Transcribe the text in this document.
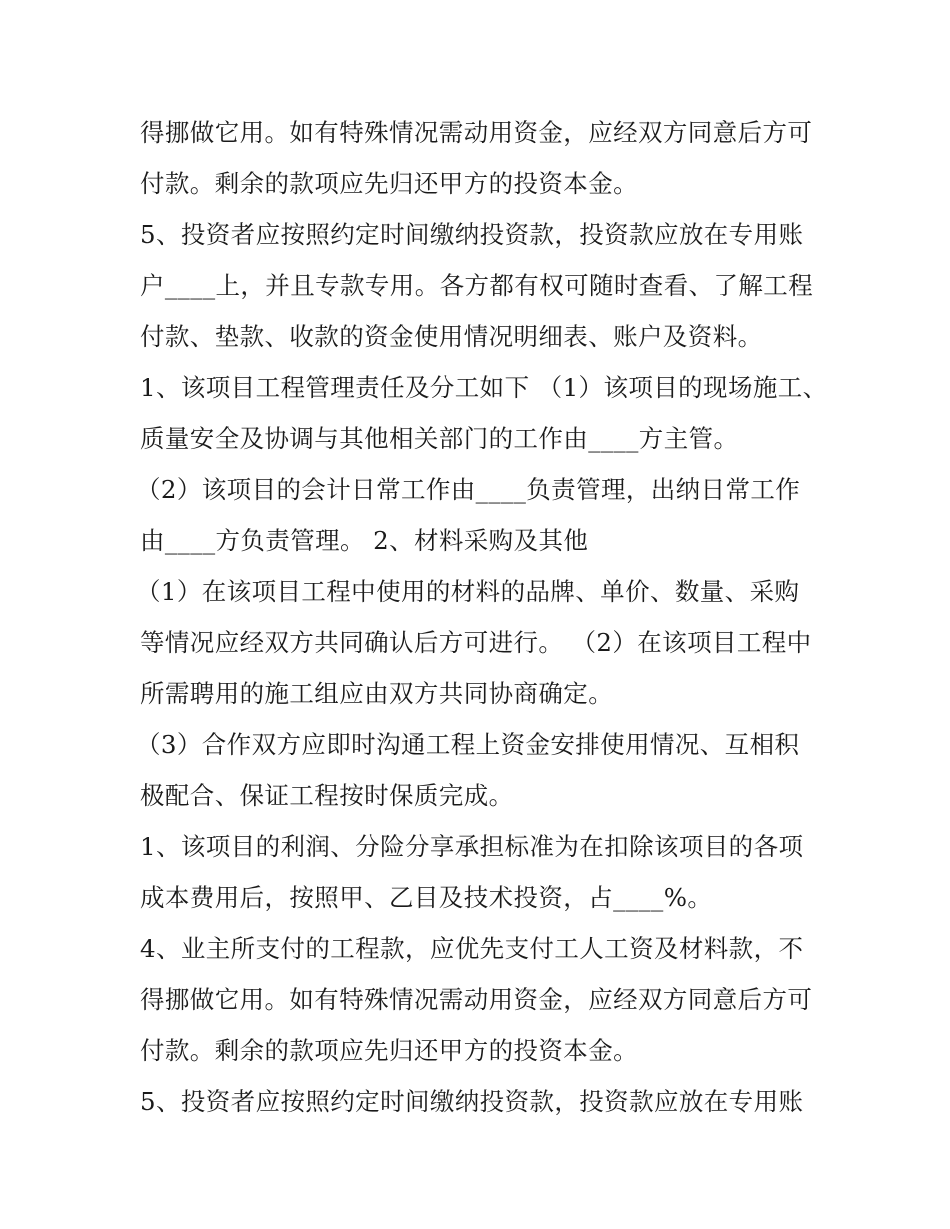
得挪做它用。如有特殊情况需动用资金，应经双方同意后方可
付款。剩余的款项应先归还甲方的投资本金。
5、投资者应按照约定时间缴纳投资款，投资款应放在专用账
户____上，并且专款专用。各方都有权可随时查看、了解工程
付款、垫款、收款的资金使用情况明细表、账户及资料。
1、该项目工程管理责任及分工如下 （1）该项目的现场施工、
质量安全及协调与其他相关部门的工作由____方主管。
（2）该项目的会计日常工作由____负责管理，出纳日常工作
由____方负责管理。 2、材料采购及其他
（1）在该项目工程中使用的材料的品牌、单价、数量、采购
等情况应经双方共同确认后方可进行。 （2）在该项目工程中
所需聘用的施工组应由双方共同协商确定。
（3）合作双方应即时沟通工程上资金安排使用情况、互相积
极配合、保证工程按时保质完成。
1、该项目的利润、分险分享承担标准为在扣除该项目的各项
成本费用后，按照甲、乙目及技术投资，占____%。
4、业主所支付的工程款，应优先支付工人工资及材料款，不
得挪做它用。如有特殊情况需动用资金，应经双方同意后方可
付款。剩余的款项应先归还甲方的投资本金。
5、投资者应按照约定时间缴纳投资款，投资款应放在专用账
